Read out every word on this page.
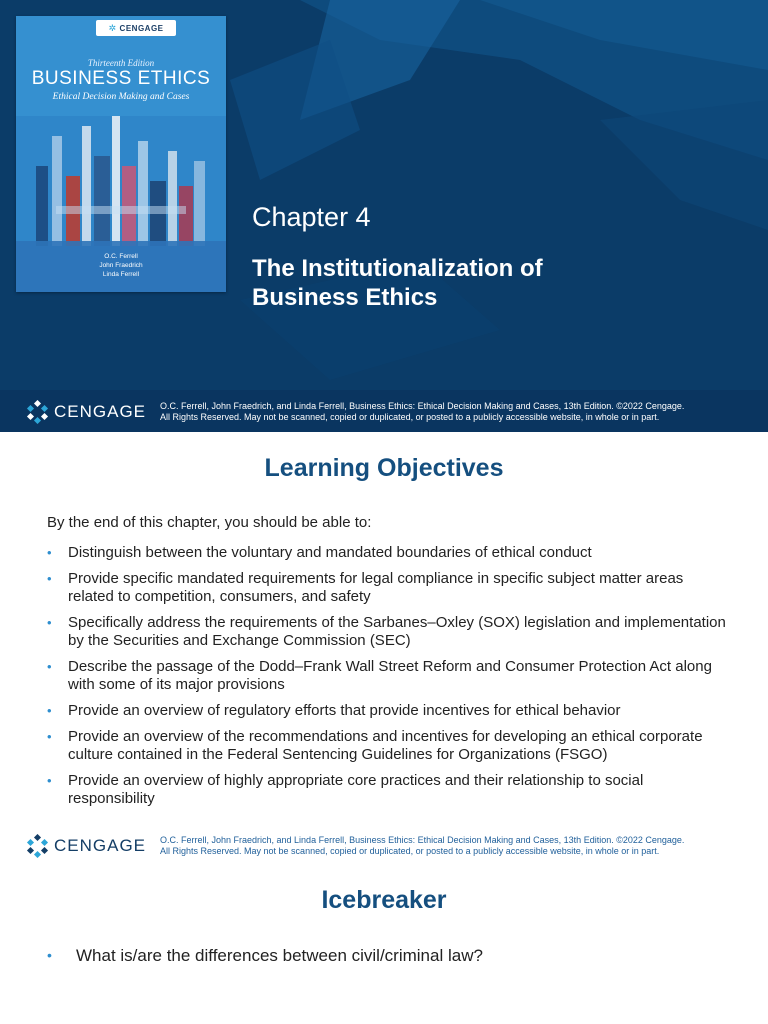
✲ CENGAGE
Thirteenth Edition
BUSINESS ETHICS
Ethical Decision Making and Cases
O.C. Ferrell
John Fraedrich
Linda Ferrell
Chapter 4
The Institutionalization of
Business Ethics
CENGAGE O.C. Ferrell, John Fraedrich, and Linda Ferrell, Business Ethics: Ethical Decision Making and Cases, 13th Edition. ©2022 Cengage.
All Rights Reserved. May not be scanned, copied or duplicated, or posted to a publicly accessible website, in whole or in part.
Learning Objectives

By the end of this chapter, you should be able to:

• Distinguish between the voluntary and mandated boundaries of ethical conduct
• Provide specific mandated requirements for legal compliance in specific subject matter areas related to competition, consumers, and safety
• Specifically address the requirements of the Sarbanes–Oxley (SOX) legislation and implementation by the Securities and Exchange Commission (SEC)
• Describe the passage of the Dodd–Frank Wall Street Reform and Consumer Protection Act along with some of its major provisions
• Provide an overview of regulatory efforts that provide incentives for ethical behavior
• Provide an overview of the recommendations and incentives for developing an ethical corporate culture contained in the Federal Sentencing Guidelines for Organizations (FSGO)
• Provide an overview of highly appropriate core practices and their relationship to social responsibility
CENGAGE O.C. Ferrell, John Fraedrich, and Linda Ferrell, Business Ethics: Ethical Decision Making and Cases, 13th Edition. ©2022 Cengage.
All Rights Reserved. May not be scanned, copied or duplicated, or posted to a publicly accessible website, in whole or in part.
Icebreaker
• What is/are the differences between civil/criminal law?
